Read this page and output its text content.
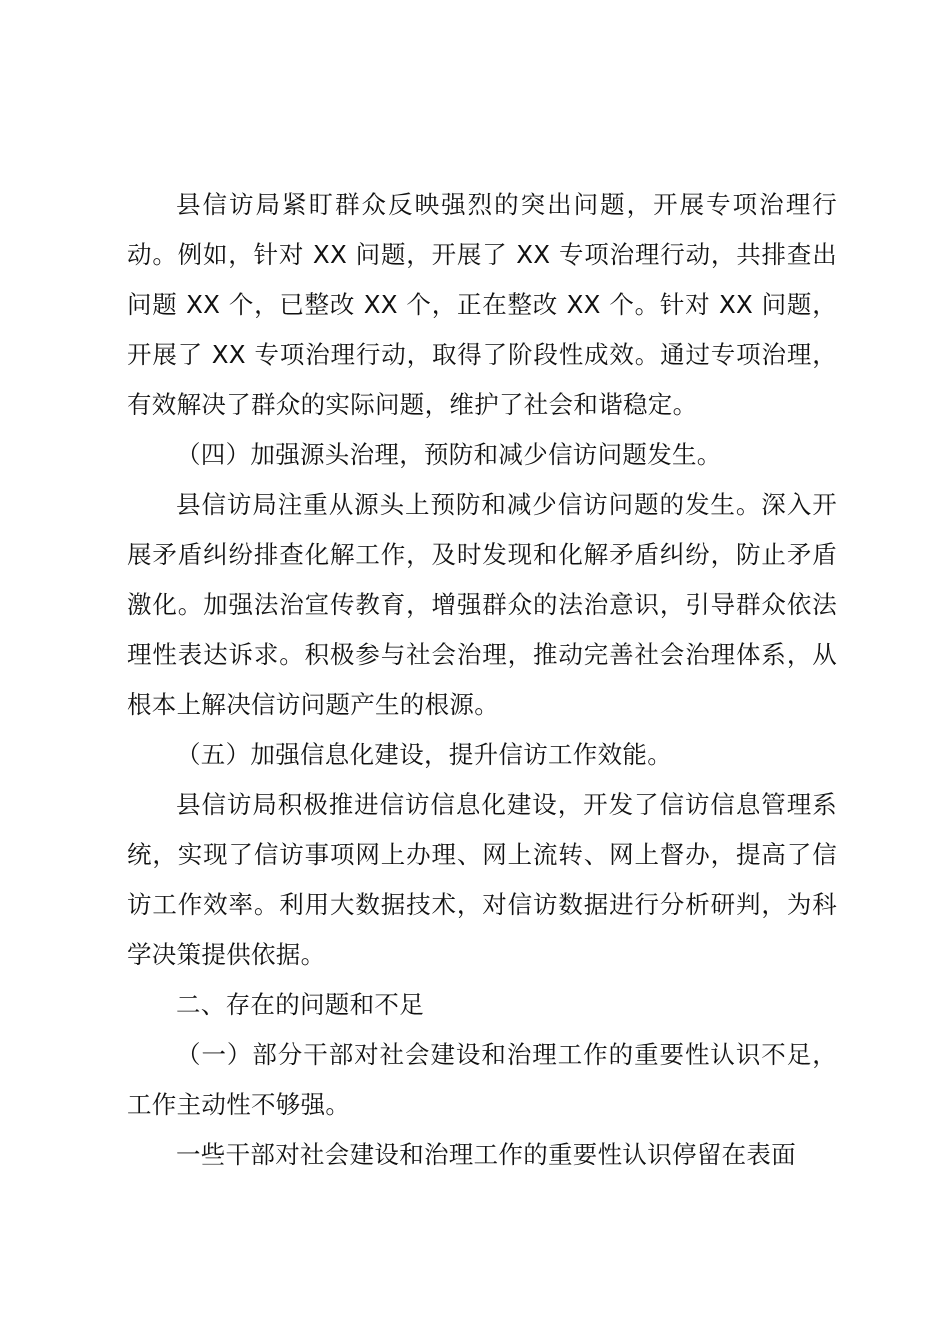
县信访局紧盯群众反映强烈的突出问题，开展专项治理行动。例如，针对 XX 问题，开展了 XX 专项治理行动，共排查出问题 XX 个，已整改 XX 个，正在整改 XX 个。针对 XX 问题，开展了 XX 专项治理行动，取得了阶段性成效。通过专项治理，有效解决了群众的实际问题，维护了社会和谐稳定。

（四）加强源头治理，预防和减少信访问题发生。

县信访局注重从源头上预防和减少信访问题的发生。深入开展矛盾纠纷排查化解工作，及时发现和化解矛盾纠纷，防止矛盾激化。加强法治宣传教育，增强群众的法治意识，引导群众依法理性表达诉求。积极参与社会治理，推动完善社会治理体系，从根本上解决信访问题产生的根源。

（五）加强信息化建设，提升信访工作效能。

县信访局积极推进信访信息化建设，开发了信访信息管理系统，实现了信访事项网上办理、网上流转、网上督办，提高了信访工作效率。利用大数据技术，对信访数据进行分析研判，为科学决策提供依据。

二、存在的问题和不足

（一）部分干部对社会建设和治理工作的重要性认识不足，工作主动性不够强。

一些干部对社会建设和治理工作的重要性认识停留在表面
